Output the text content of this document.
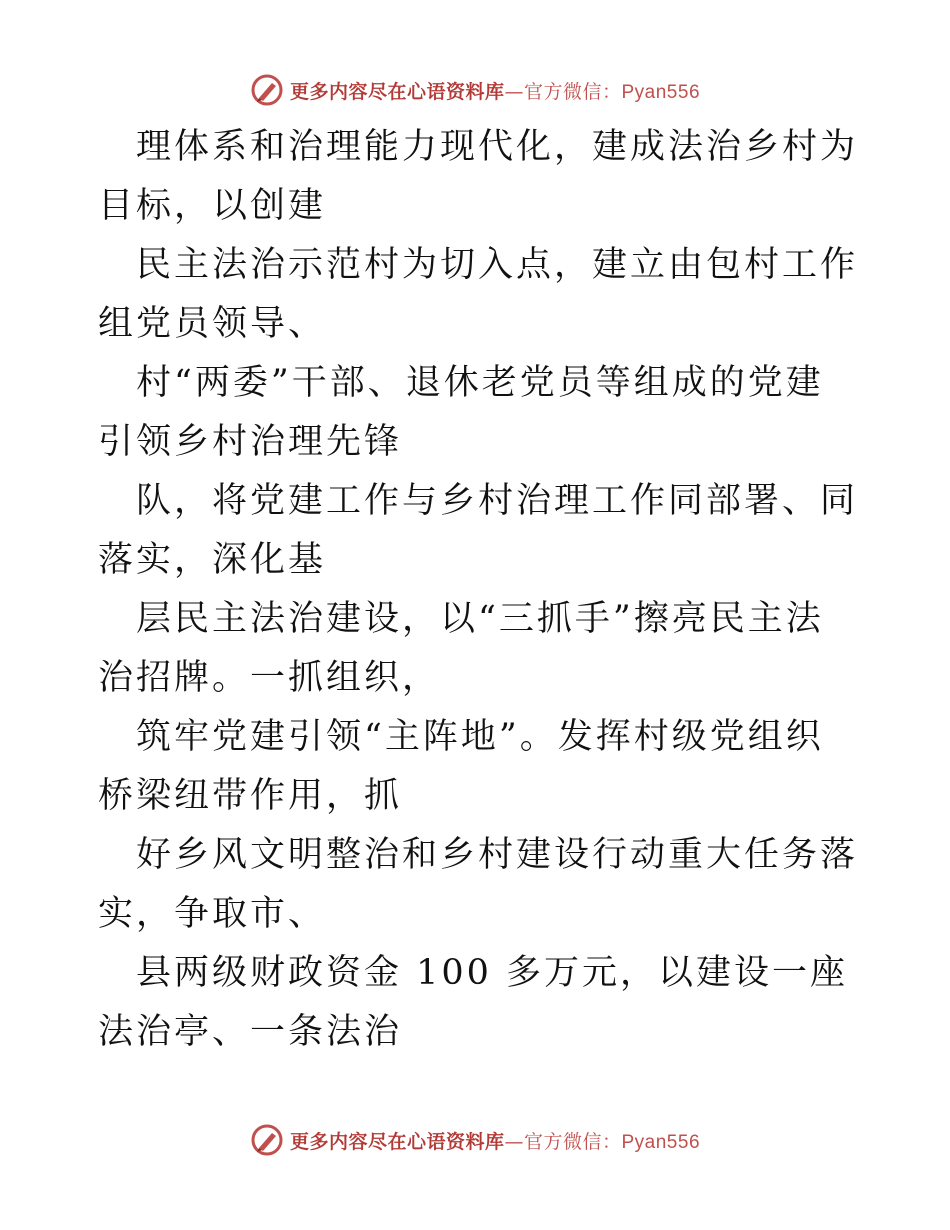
更多内容尽在心语资料库—官方微信：Pyan556

理体系和治理能力现代化，建成法治乡村为目标，以创建

民主法治示范村为切入点，建立由包村工作组党员领导、

村“两委”干部、退休老党员等组成的党建引领乡村治理先锋

队，将党建工作与乡村治理工作同部署、同落实，深化基

层民主法治建设，以“三抓手”擦亮民主法治招牌。一抓组织，

筑牢党建引领“主阵地”。发挥村级党组织桥梁纽带作用，抓

好乡风文明整治和乡村建设行动重大任务落实，争取市、

县两级财政资金 100 多万元，以建设一座法治亭、一条法治

更多内容尽在心语资料库—官方微信：Pyan556
